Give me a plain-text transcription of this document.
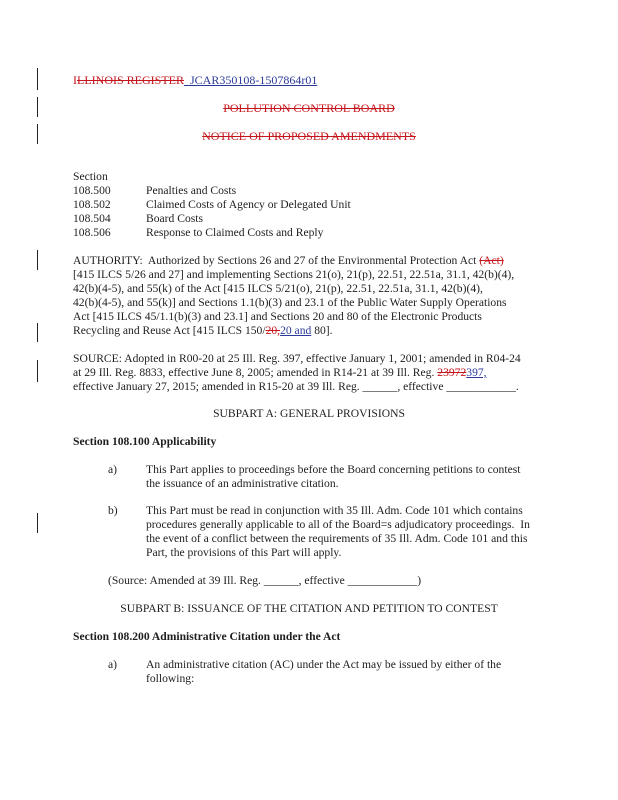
ILLINOIS REGISTER  JCAR350108-1507864r01
POLLUTION CONTROL BOARD
NOTICE OF PROPOSED AMENDMENTS
Section
108.500	Penalties and Costs
108.502	Claimed Costs of Agency or Delegated Unit
108.504	Board Costs
108.506	Response to Claimed Costs and Reply
AUTHORITY:  Authorized by Sections 26 and 27 of the Environmental Protection Act (Act)
[415 ILCS 5/26 and 27] and implementing Sections 21(o), 21(p), 22.51, 22.51a, 31.1, 42(b)(4),
42(b)(4-5), and 55(k) of the Act [415 ILCS 5/21(o), 21(p), 22.51, 22.51a, 31.1, 42(b)(4),
42(b)(4-5), and 55(k)] and Sections 1.1(b)(3) and 23.1 of the Public Water Supply Operations
Act [415 ILCS 45/1.1(b)(3) and 23.1] and Sections 20 and 80 of the Electronic Products
Recycling and Reuse Act [415 ILCS 150/20,20 and 80].
SOURCE: Adopted in R00-20 at 25 Ill. Reg. 397, effective January 1, 2001; amended in R04-24
at 29 Ill. Reg. 8833, effective June 8, 2005; amended in R14-21 at 39 Ill. Reg. 23972397,
effective January 27, 2015; amended in R15-20 at 39 Ill. Reg. ______, effective ____________.
SUBPART A: GENERAL PROVISIONS
Section 108.100 Applicability
a) This Part applies to proceedings before the Board concerning petitions to contest
the issuance of an administrative citation.
b) This Part must be read in conjunction with 35 Ill. Adm. Code 101 which contains
procedures generally applicable to all of the Board=s adjudicatory proceedings.  In
the event of a conflict between the requirements of 35 Ill. Adm. Code 101 and this
Part, the provisions of this Part will apply.
(Source: Amended at 39 Ill. Reg. ______, effective ____________)
SUBPART B: ISSUANCE OF THE CITATION AND PETITION TO CONTEST
Section 108.200 Administrative Citation under the Act
a) An administrative citation (AC) under the Act may be issued by either of the
following:
